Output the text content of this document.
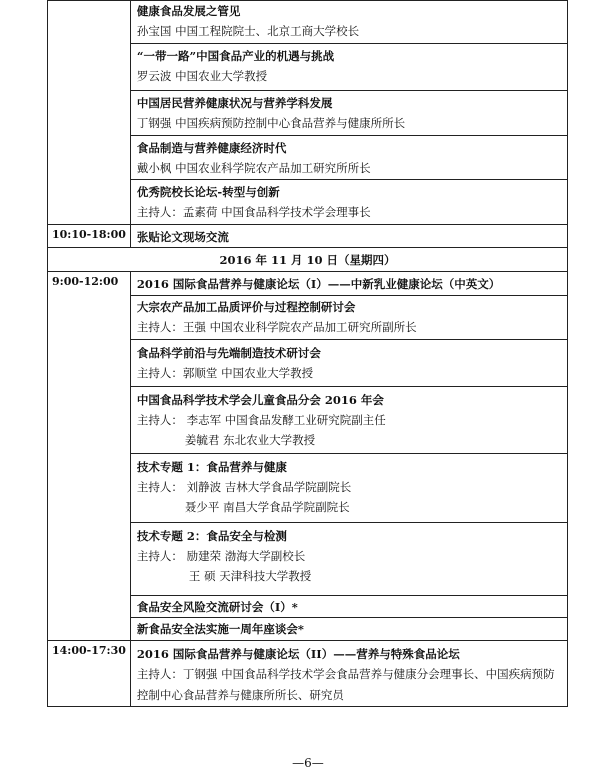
	健康食品发展之管见
孙宝国 中国工程院院士、北京工商大学校长

	“一带一路”中国食品产业的机遇与挑战
罗云波 中国农业大学教授

	中国居民营养健康状况与营养学科发展
丁钢强 中国疾病预防控制中心食品营养与健康所所长

	食品制造与营养健康经济时代
戴小枫 中国农业科学院农产品加工研究所所长

	优秀院校长论坛-转型与创新
主持人：孟素荷 中国食品科学技术学会理事长

10:10-18:00	张贴论文现场交流

2016 年 11 月 10 日（星期四）	
9:00-12:00	2016 国际食品营养与健康论坛（I）——中新乳业健康论坛（中英文）

	大宗农产品加工品质评价与过程控制研讨会
主持人：王强 中国农业科学院农产品加工研究所副所长

	食品科学前沿与先端制造技术研讨会
主持人：郭顺堂 中国农业大学教授

	中国食品科学技术学会儿童食品分会 2016 年会
主持人： 李志军 中国食品发酵工业研究院副主任
姜毓君 东北农业大学教授

	技术专题 1：食品营养与健康
主持人： 刘静波 吉林大学食品学院副院长
聂少平 南昌大学食品学院副院长

	技术专题 2：食品安全与检测
主持人： 励建荣 渤海大学副校长
王 硕 天津科技大学教授

	食品安全风险交流研讨会（I）*

	新食品安全法实施一周年座谈会*

14:00-17:30	2016 国际食品营养与健康论坛（II）——营养与特殊食品论坛
主持人：丁钢强 中国食品科学技术学会食品营养与健康分会理事长、中国疾病预防控制中心食品营养与健康所所长、研究员
—6—
